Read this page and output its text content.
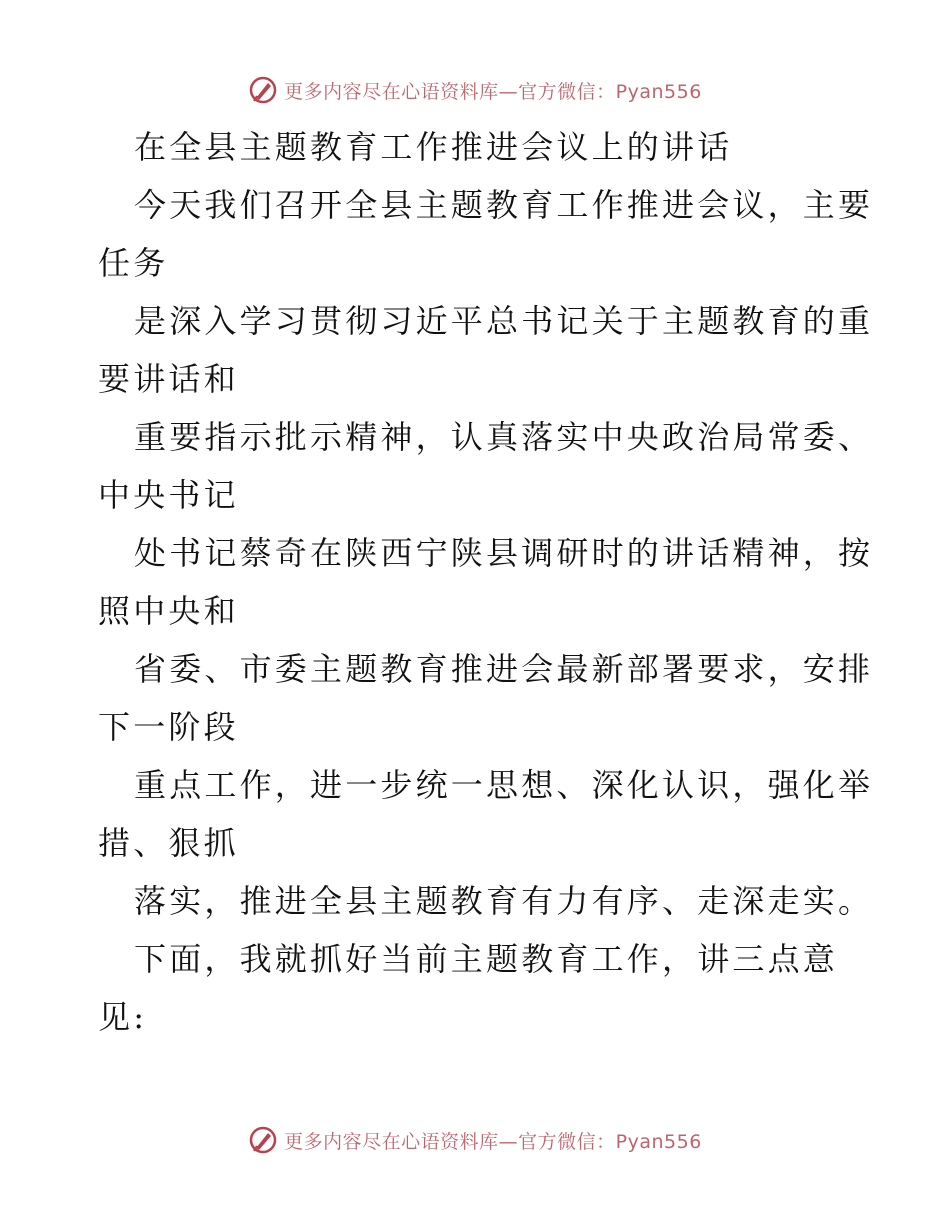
更多内容尽在心语资料库—官方微信：Pyan556
在全县主题教育工作推进会议上的讲话
今天我们召开全县主题教育工作推进会议，主要
任务
是深入学习贯彻习近平总书记关于主题教育的重
要讲话和
重要指示批示精神，认真落实中央政治局常委、
中央书记
处书记蔡奇在陕西宁陕县调研时的讲话精神，按
照中央和
省委、市委主题教育推进会最新部署要求，安排
下一阶段
重点工作，进一步统一思想、深化认识，强化举
措、狠抓
落实，推进全县主题教育有力有序、走深走实。
下面，我就抓好当前主题教育工作，讲三点意
见:
更多内容尽在心语资料库—官方微信：Pyan556
